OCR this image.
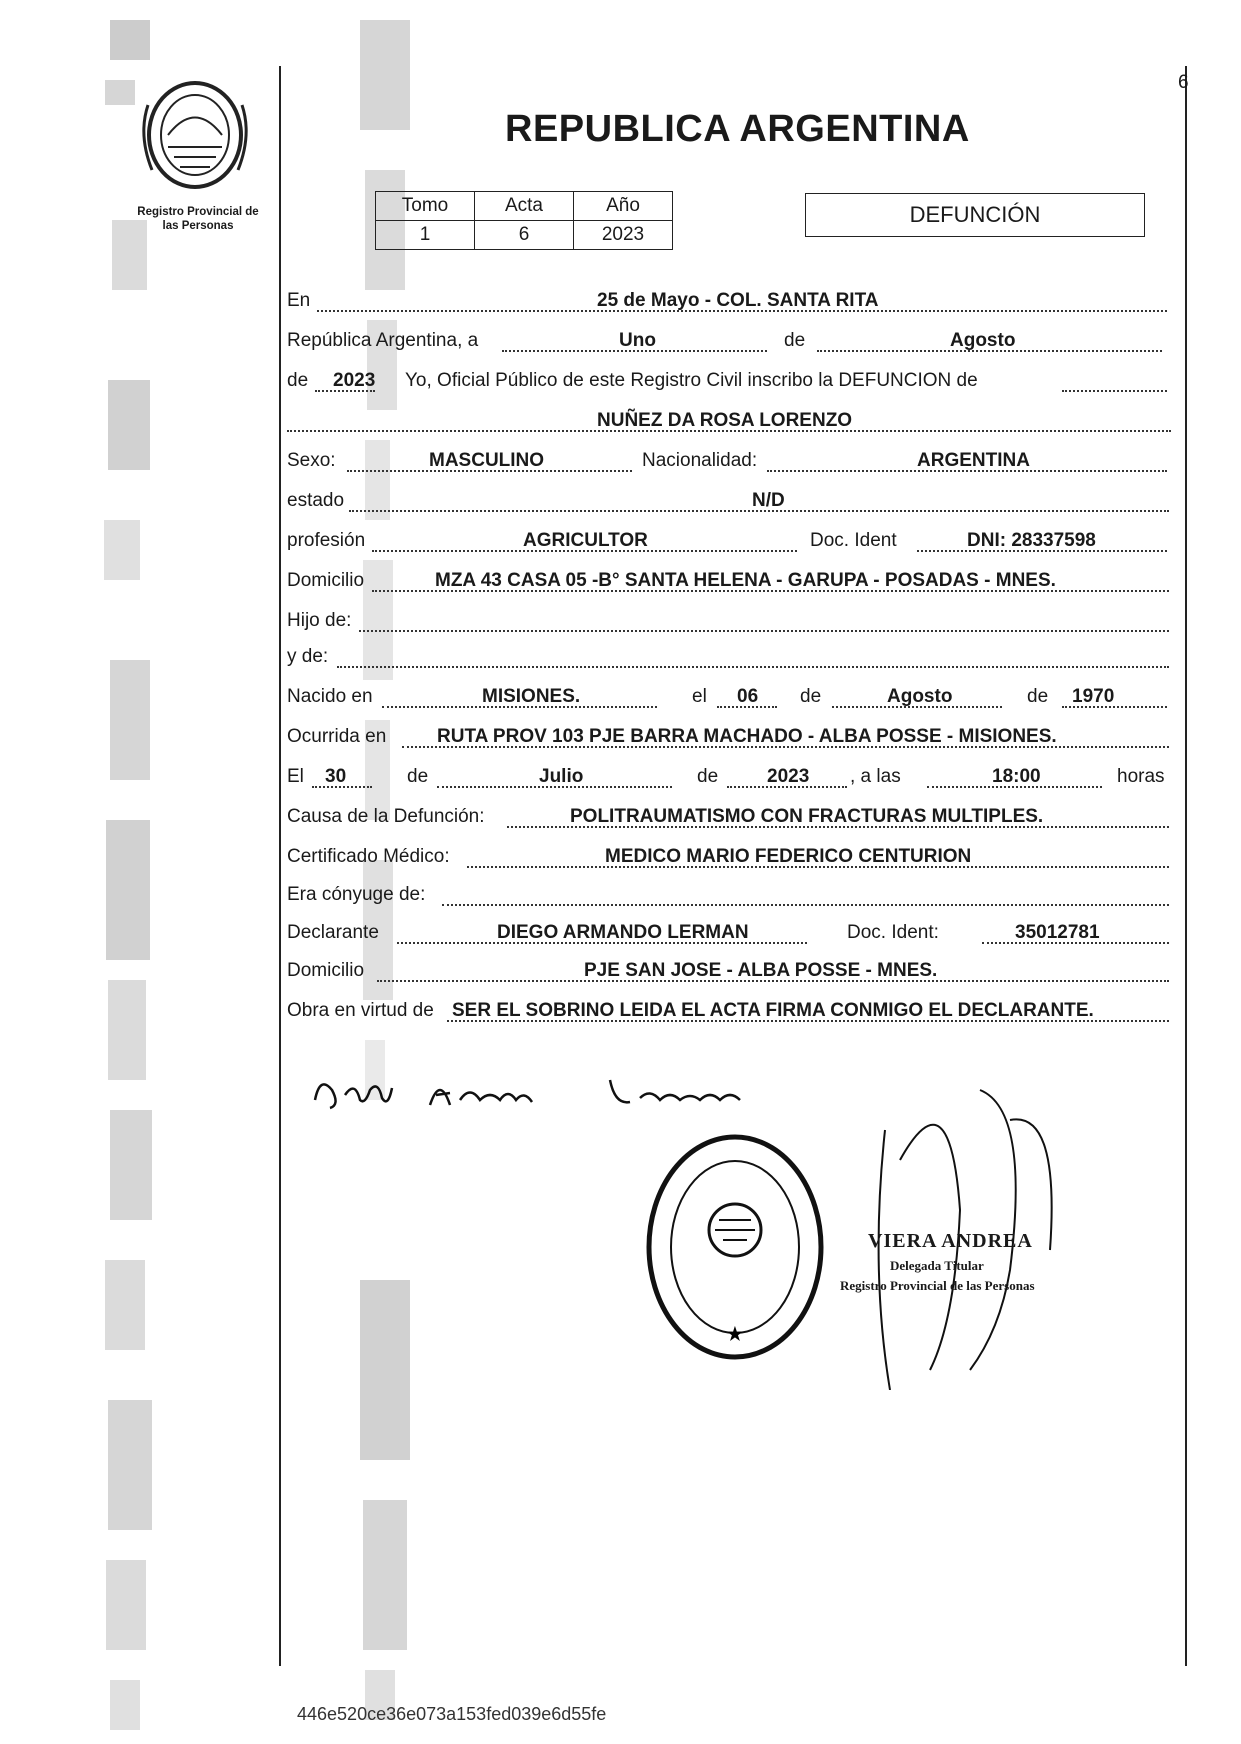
6
Registro Provincial de
las Personas
REPUBLICA ARGENTINA
Tomo	Acta	Año
1	6	2023
DEFUNCIÓN
En	25 de Mayo - COL. SANTA RITA
República Argentina, a	Uno	de	Agosto
de 2023 Yo, Oficial Público de este Registro Civil inscribo la DEFUNCION de
NUÑEZ DA ROSA LORENZO
Sexo:	MASCULINO	Nacionalidad:	ARGENTINA
estado	N/D
profesión	AGRICULTOR	Doc. Ident	DNI: 28337598
Domicilio	MZA 43 CASA 05 -B° SANTA HELENA - GARUPA - POSADAS - MNES.
Hijo de:
y de:
Nacido en	MISIONES.	el 06 de	Agosto	de 1970
Ocurrida en	RUTA PROV 103 PJE BARRA MACHADO - ALBA POSSE - MISIONES.
El 30	de	Julio	de	2023 , a las	18:00	horas
Causa de la Defunción:	POLITRAUMATISMO CON FRACTURAS MULTIPLES.
Certificado Médico:	MEDICO MARIO FEDERICO CENTURION
Era cónyuge de:
Declarante	DIEGO ARMANDO LERMAN	Doc. Ident:	35012781
Domicilio	PJE SAN JOSE - ALBA POSSE - MNES.
Obra en virtud de SER EL SOBRINO LEIDA EL ACTA FIRMA CONMIGO EL DECLARANTE.
★
VIERA ANDREA
Delegada Titular
Registro Provincial de las Personas
446e520ce36e073a153fed039e6d55fe
